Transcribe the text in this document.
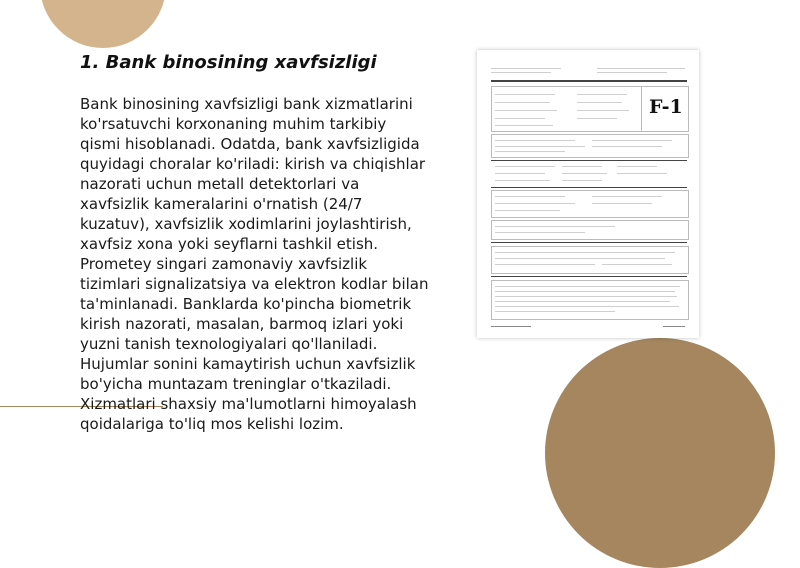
1. Bank binosining xavfsizligi
Bank binosining xavfsizligi bank xizmatlarini ko'rsatuvchi korxonaning muhim tarkibiy qismi hisoblanadi. Odatda, bank xavfsizligida quyidagi choralar ko'riladi: kirish va chiqishlar nazorati uchun metall detektorlari va xavfsizlik kameralarini o'rnatish (24/7 kuzatuv), xavfsizlik xodimlarini joylashtirish, xavfsiz xona yoki seyflarni tashkil etish. Prometey singari zamonaviy xavfsizlik tizimlari signalizatsiya va elektron kodlar bilan ta'minlanadi. Banklarda ko'pincha biometrik kirish nazorati, masalan, barmoq izlari yoki yuzni tanish texnologiyalari qo'llaniladi. Hujumlar sonini kamaytirish uchun xavfsizlik bo'yicha muntazam treninglar o'tkaziladi. Xizmatlari shaxsiy ma'lumotlarni himoyalash qoidalariga to'liq mos kelishi lozim.
F-1
